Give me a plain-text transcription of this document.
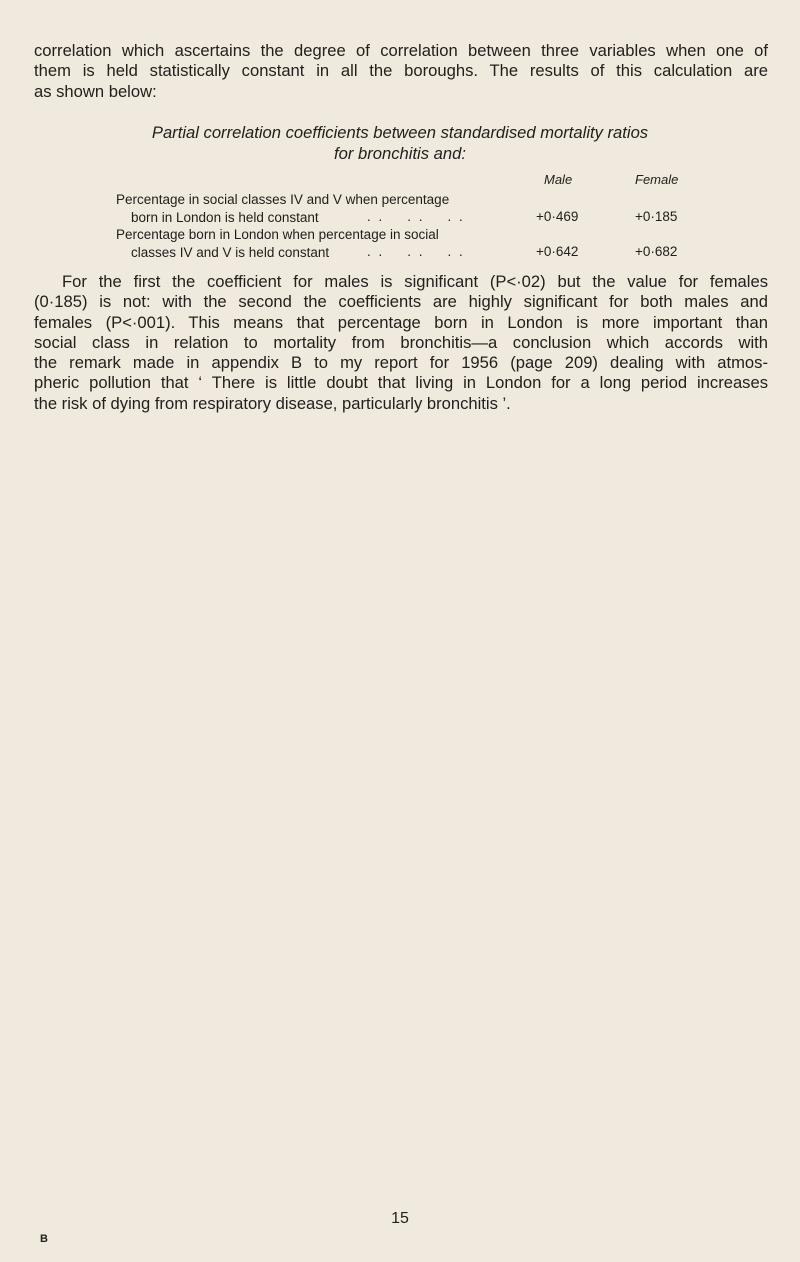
correlation which ascertains the degree of correlation between three variables when one of
them is held statistically constant in all the boroughs. The results of this calculation are
as shown below:

Partial correlation coefficients between standardised mortality ratios
for bronchitis and:
Male	Female
Percentage in social classes IV and V when percentage
born in London is held constant	. .    . .    . .	+0·469	+0·185
Percentage born in London when percentage in social
classes IV and V is held constant	. .    . .    . .	+0·642	+0·682

For the first the coefficient for males is significant (P<·02) but the value for females
(0·185) is not: with the second the coefficients are highly significant for both males and
females (P<·001). This means that percentage born in London is more important than
social class in relation to mortality from bronchitis—a conclusion which accords with
the remark made in appendix B to my report for 1956 (page 209) dealing with atmos-
pheric pollution that ‘ There is little doubt that living in London for a long period increases
the risk of dying from respiratory disease, particularly bronchitis ’.

15
B
